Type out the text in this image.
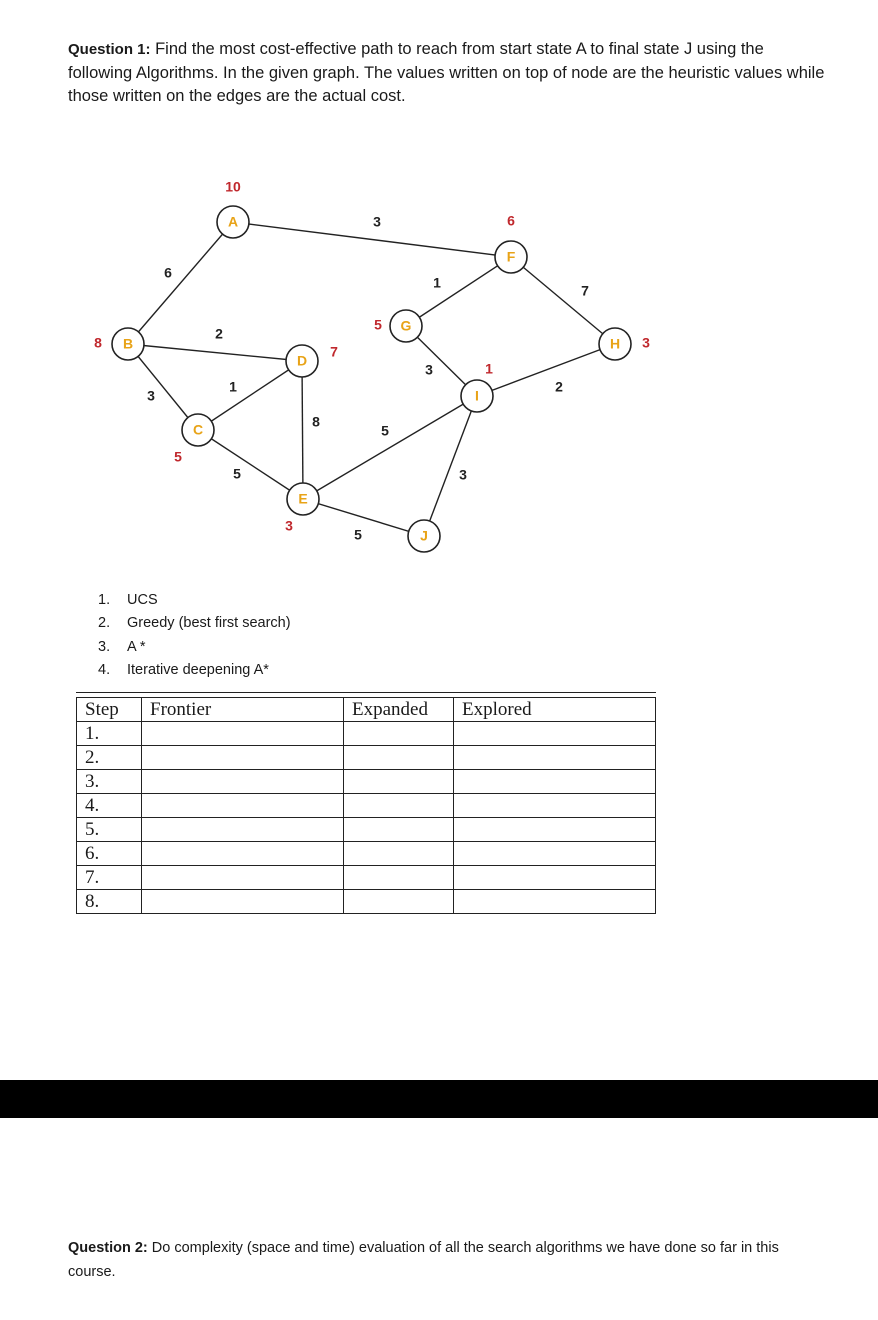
Question 1: Find the most cost-effective path to reach from start state A to final state J using the following Algorithms. In the given graph. The values written on top of node are the heuristic values while those written on the edges are the actual cost.
3
6
2
3
1
5
8
5
5
1
3
7
2
3
A
B
C
D
E
F
G
H
I
J
10
8
5
7
3
6
5
3
1
1.	UCS
2.	Greedy (best first search)
3.	A *
4.	Iterative deepening A*
Step	Frontier	Expanded	Explored
1.			
2.			
3.			
4.			
5.			
6.			
7.			
8.			
Question 2: Do complexity (space and time) evaluation of all the search algorithms we have done so far in this course.
